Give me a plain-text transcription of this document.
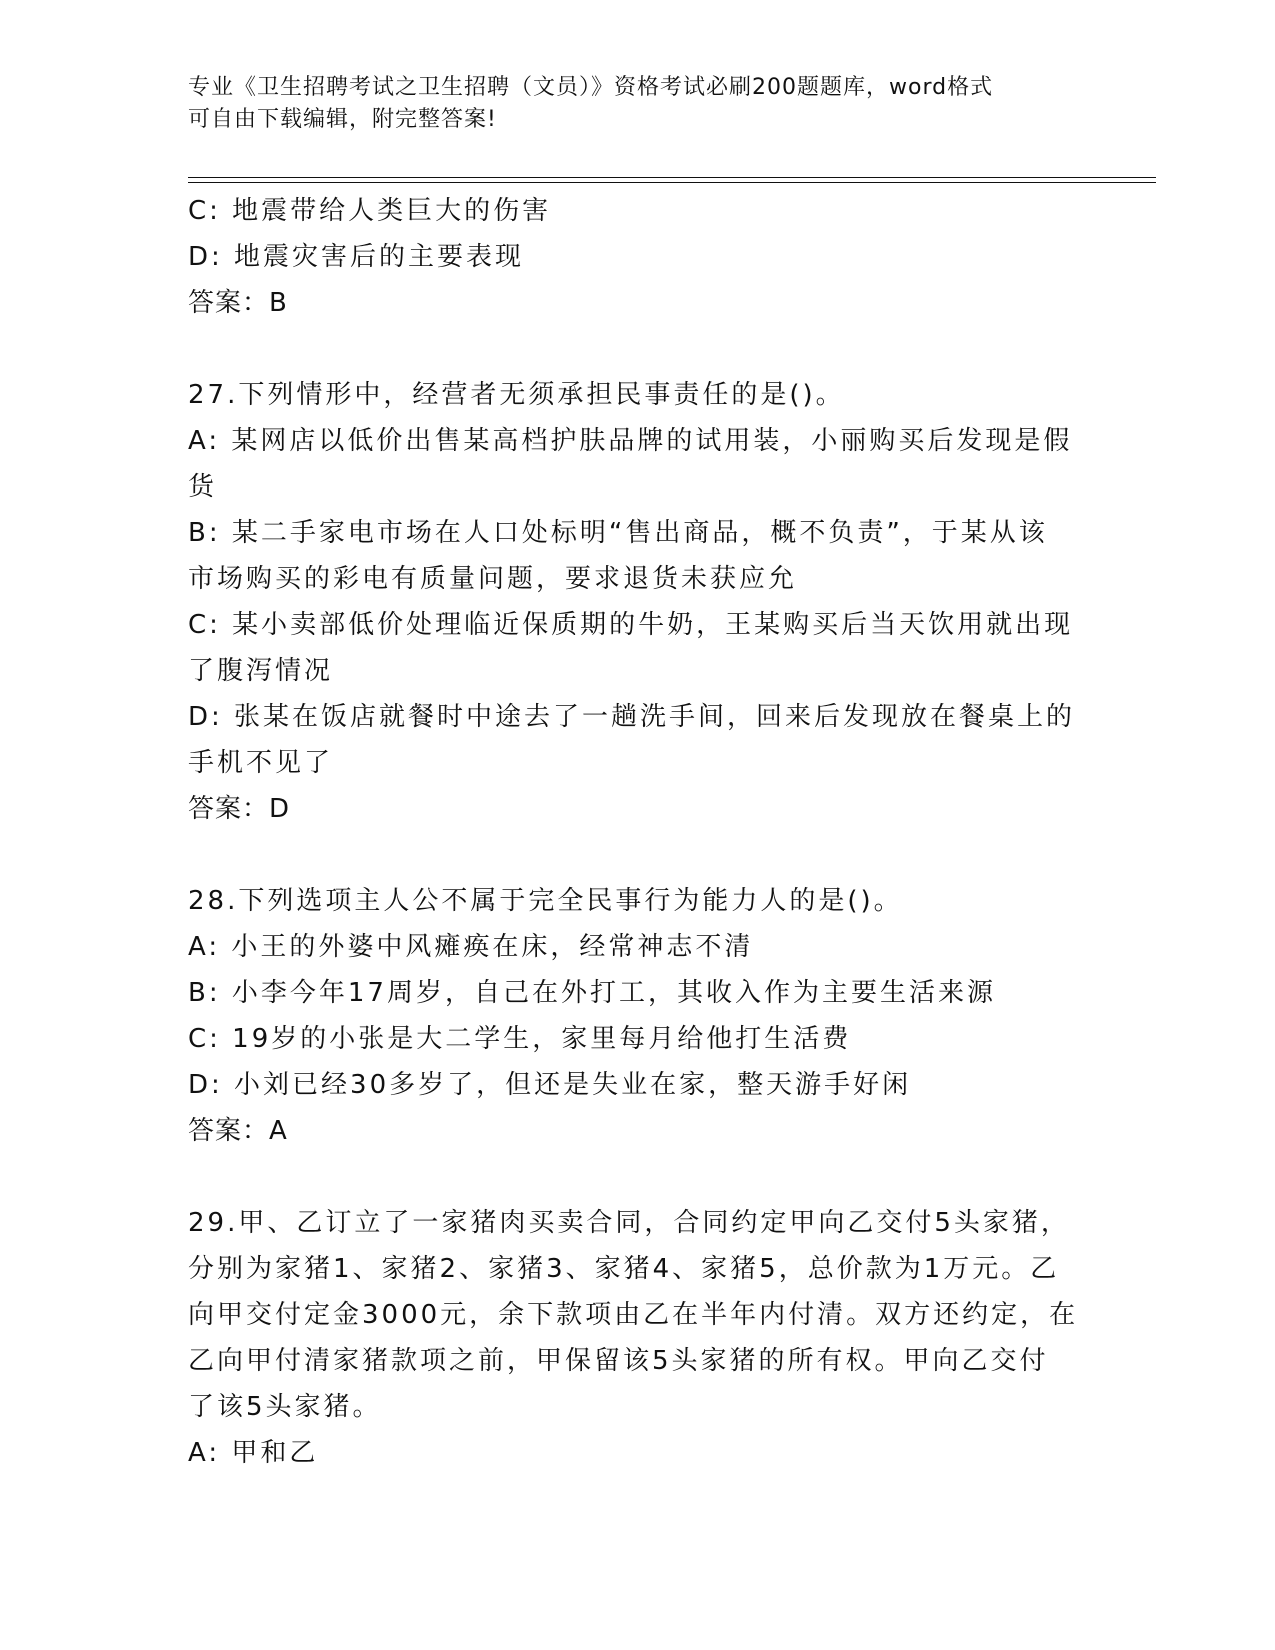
专业《卫生招聘考试之卫生招聘（文员）》资格考试必刷200题题库，word格式
可自由下载编辑，附完整答案!

C: 地震带给人类巨大的伤害

D: 地震灾害后的主要表现

答案：B

27.下列情形中，经营者无须承担民事责任的是()。

A: 某网店以低价出售某高档护肤品牌的试用装，小丽购买后发现是假

货

B: 某二手家电市场在人口处标明“售出商品，概不负责”，于某从该

市场购买的彩电有质量问题，要求退货未获应允

C: 某小卖部低价处理临近保质期的牛奶，王某购买后当天饮用就出现

了腹泻情况

D: 张某在饭店就餐时中途去了一趟洗手间，回来后发现放在餐桌上的

手机不见了

答案：D

28.下列选项主人公不属于完全民事行为能力人的是()。

A: 小王的外婆中风瘫痪在床，经常神志不清

B: 小李今年17周岁，自己在外打工，其收入作为主要生活来源

C: 19岁的小张是大二学生，家里每月给他打生活费

D: 小刘已经30多岁了，但还是失业在家，整天游手好闲

答案：A

29.甲、乙订立了一家猪肉买卖合同，合同约定甲向乙交付5头家猪，

分别为家猪1、家猪2、家猪3、家猪4、家猪5，总价款为1万元。乙

向甲交付定金3000元，余下款项由乙在半年内付清。双方还约定，在

乙向甲付清家猪款项之前，甲保留该5头家猪的所有权。甲向乙交付

了该5头家猪。

A: 甲和乙
